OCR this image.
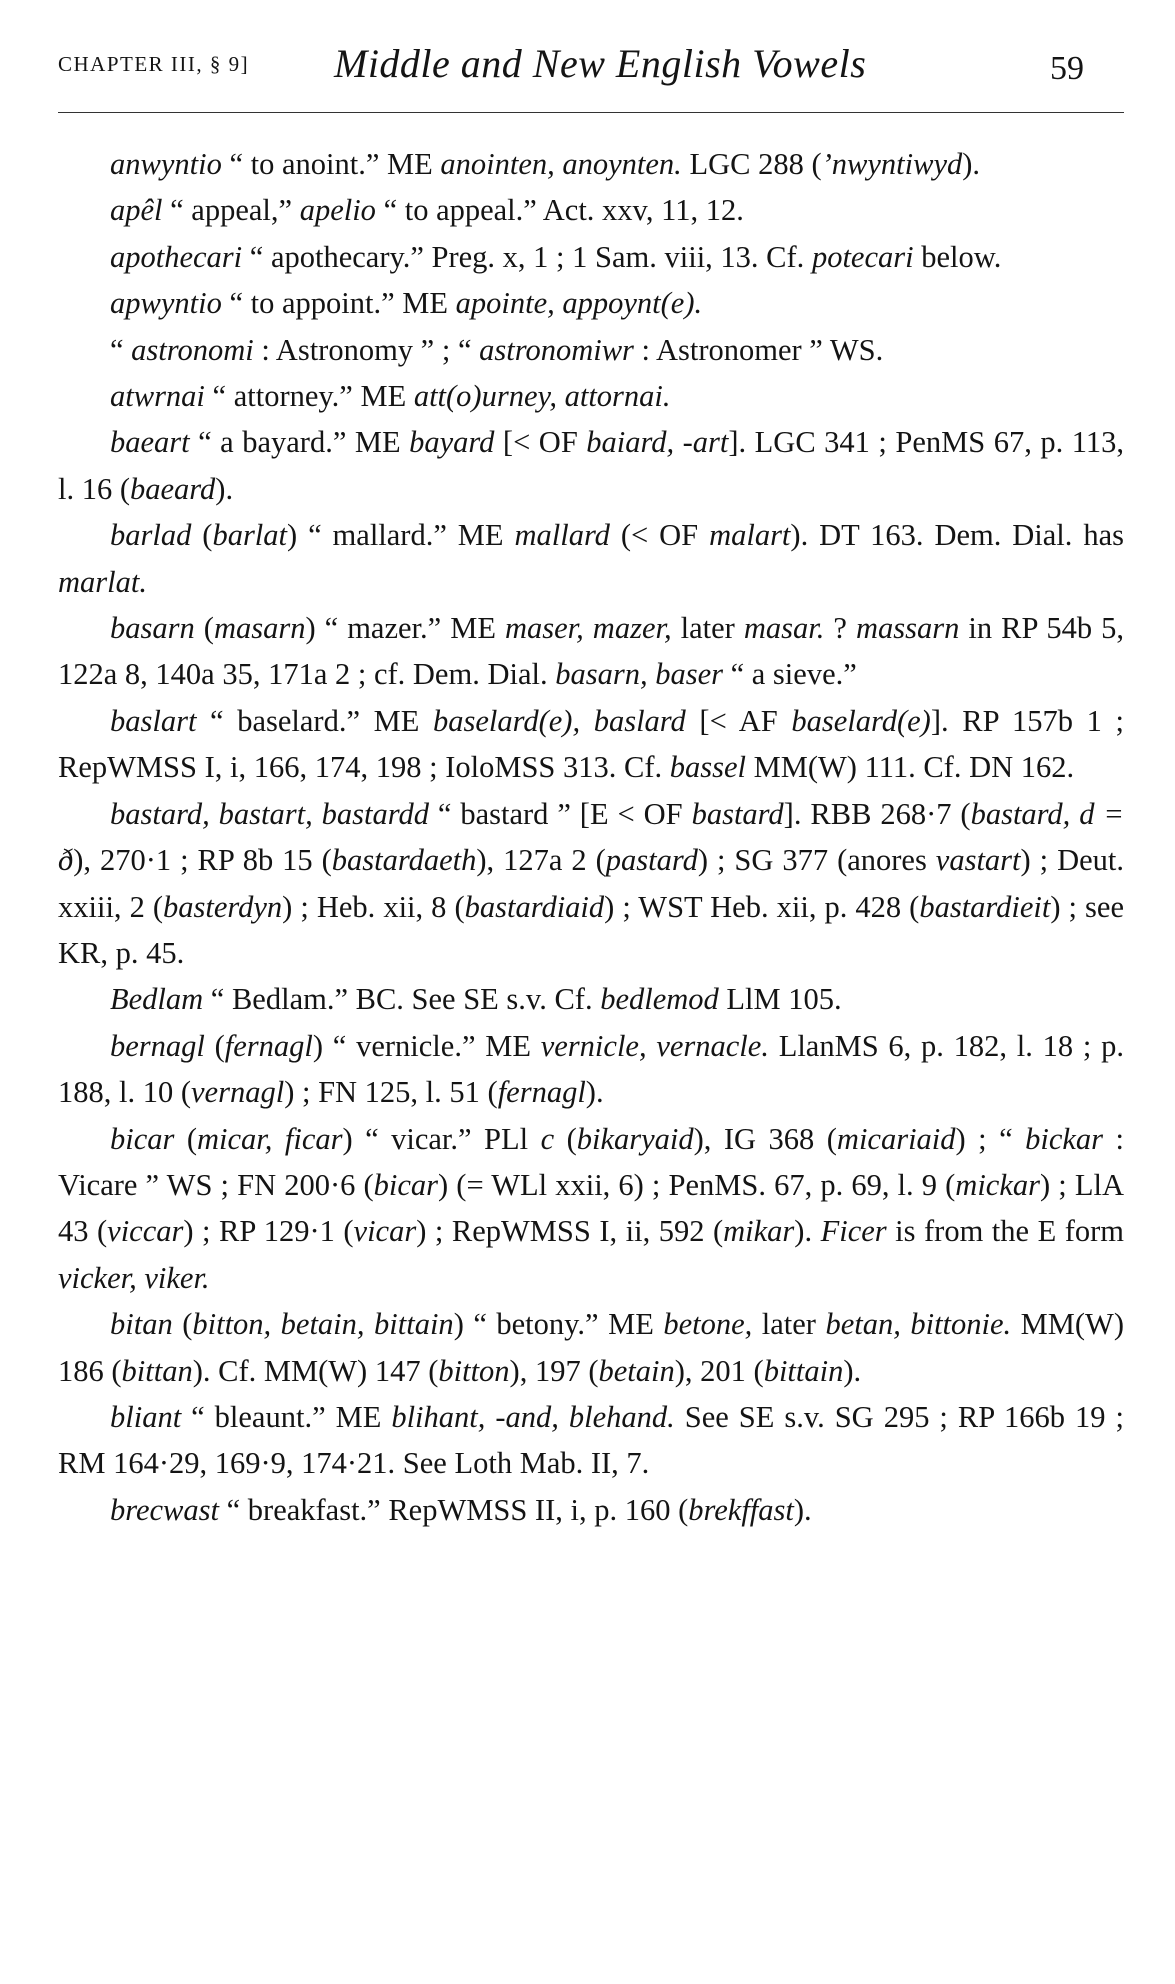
CHAPTER III, § 9] Middle and New English Vowels	59

anwyntio “ to anoint.” ME anointen, anoynten. LGC 288 (’nwyntiwyd).

apêl “ appeal,” apelio “ to appeal.” Act. xxv, 11, 12.

apothecari “ apothecary.” Preg. x, 1 ; 1 Sam. viii, 13. Cf. potecari below.

apwyntio “ to appoint.” ME apointe, appoynt(e).

“ astronomi : Astronomy ” ; “ astronomiwr : Astronomer ” WS.

atwrnai “ attorney.” ME att(o)urney, attornai.

baeart “ a bayard.” ME bayard [< OF baiard, -art]. LGC 341 ; PenMS 67, p. 113, l. 16 (baeard).

barlad (barlat) “ mallard.” ME mallard (< OF malart). DT 163. Dem. Dial. has marlat.

basarn (masarn) “ mazer.” ME maser, mazer, later masar. ? massarn in RP 54b 5, 122a 8, 140a 35, 171a 2 ; cf. Dem. Dial. basarn, baser “ a sieve.”

baslart “ baselard.” ME baselard(e), baslard [< AF baselard(e)]. RP 157b 1 ; RepWMSS I, i, 166, 174, 198 ; IoloMSS 313. Cf. bassel MM(W) 111. Cf. DN 162.

bastard, bastart, bastardd “ bastard ” [E < OF bastard]. RBB 268·7 (bastard, d = ð), 270·1 ; RP 8b 15 (bastardaeth), 127a 2 (pastard) ; SG 377 (anores vastart) ; Deut. xxiii, 2 (basterdyn) ; Heb. xii, 8 (bastardiaid) ; WST Heb. xii, p. 428 (bastardieit) ; see KR, p. 45.

Bedlam “ Bedlam.” BC. See SE s.v. Cf. bedlemod LlM 105.

bernagl (fernagl) “ vernicle.” ME vernicle, vernacle. LlanMS 6, p. 182, l. 18 ; p. 188, l. 10 (vernagl) ; FN 125, l. 51 (fernagl).

bicar (micar, ficar) “ vicar.” PLl c (bikaryaid), IG 368 (micariaid) ; “ bickar : Vicare ” WS ; FN 200·6 (bicar) (= WLl xxii, 6) ; PenMS. 67, p. 69, l. 9 (mickar) ; LlA 43 (viccar) ; RP 129·1 (vicar) ; RepWMSS I, ii, 592 (mikar). Ficer is from the E form vicker, viker.

bitan (bitton, betain, bittain) “ betony.” ME betone, later betan, bittonie. MM(W) 186 (bittan). Cf. MM(W) 147 (bitton), 197 (betain), 201 (bittain).

bliant “ bleaunt.” ME blihant, -and, blehand. See SE s.v. SG 295 ; RP 166b 19 ; RM 164·29, 169·9, 174·21. See Loth Mab. II, 7.

brecwast “ breakfast.” RepWMSS II, i, p. 160 (brekffast).
